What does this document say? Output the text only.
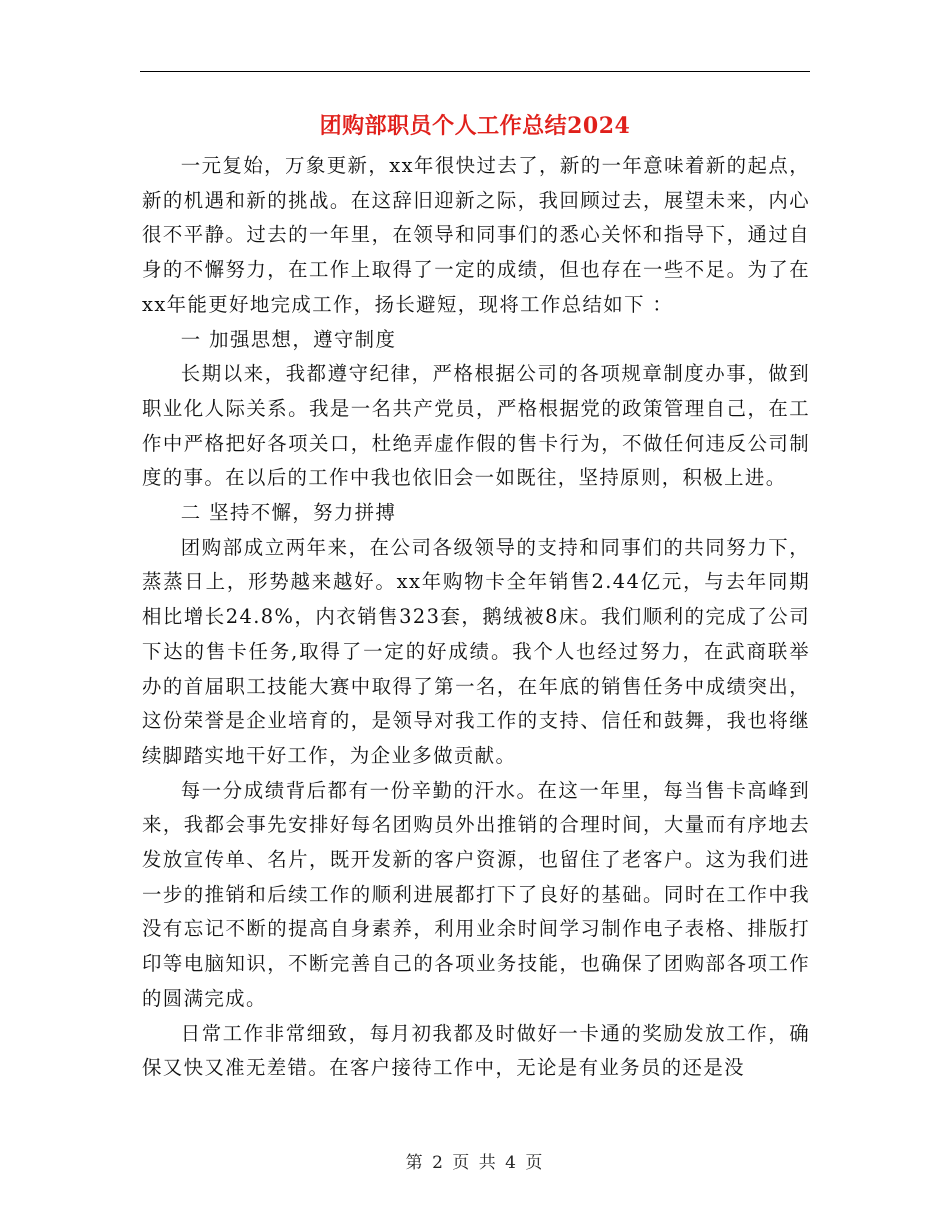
团购部职员个人工作总结2024

一元复始，万象更新，xx年很快过去了，新的一年意味着新的起点，新的机遇和新的挑战。在这辞旧迎新之际，我回顾过去，展望未来，内心很不平静。过去的一年里，在领导和同事们的悉心关怀和指导下，通过自身的不懈努力，在工作上取得了一定的成绩，但也存在一些不足。为了在xx年能更好地完成工作，扬长避短，现将工作总结如下 ：

一 加强思想，遵守制度

长期以来，我都遵守纪律，严格根据公司的各项规章制度办事，做到职业化人际关系。我是一名共产党员，严格根据党的政策管理自己，在工作中严格把好各项关口，杜绝弄虚作假的售卡行为，不做任何违反公司制度的事。在以后的工作中我也依旧会一如既往，坚持原则，积极上进。

二 坚持不懈，努力拼搏

团购部成立两年来，在公司各级领导的支持和同事们的共同努力下，蒸蒸日上，形势越来越好。xx年购物卡全年销售2.44亿元，与去年同期相比增长24.8%，内衣销售323套，鹅绒被8床。我们顺利的完成了公司下达的售卡任务,取得了一定的好成绩。我个人也经过努力，在武商联举办的首届职工技能大赛中取得了第一名，在年底的销售任务中成绩突出，这份荣誉是企业培育的，是领导对我工作的支持、信任和鼓舞，我也将继续脚踏实地干好工作，为企业多做贡献。

每一分成绩背后都有一份辛勤的汗水。在这一年里，每当售卡高峰到来，我都会事先安排好每名团购员外出推销的合理时间，大量而有序地去发放宣传单、名片，既开发新的客户资源，也留住了老客户。这为我们进一步的推销和后续工作的顺利进展都打下了良好的基础。同时在工作中我没有忘记不断的提高自身素养，利用业余时间学习制作电子表格、排版打印等电脑知识，不断完善自己的各项业务技能，也确保了团购部各项工作的圆满完成。

日常工作非常细致，每月初我都及时做好一卡通的奖励发放工作，确保又快又准无差错。在客户接待工作中，无论是有业务员的还是没

第 2 页 共 4 页
